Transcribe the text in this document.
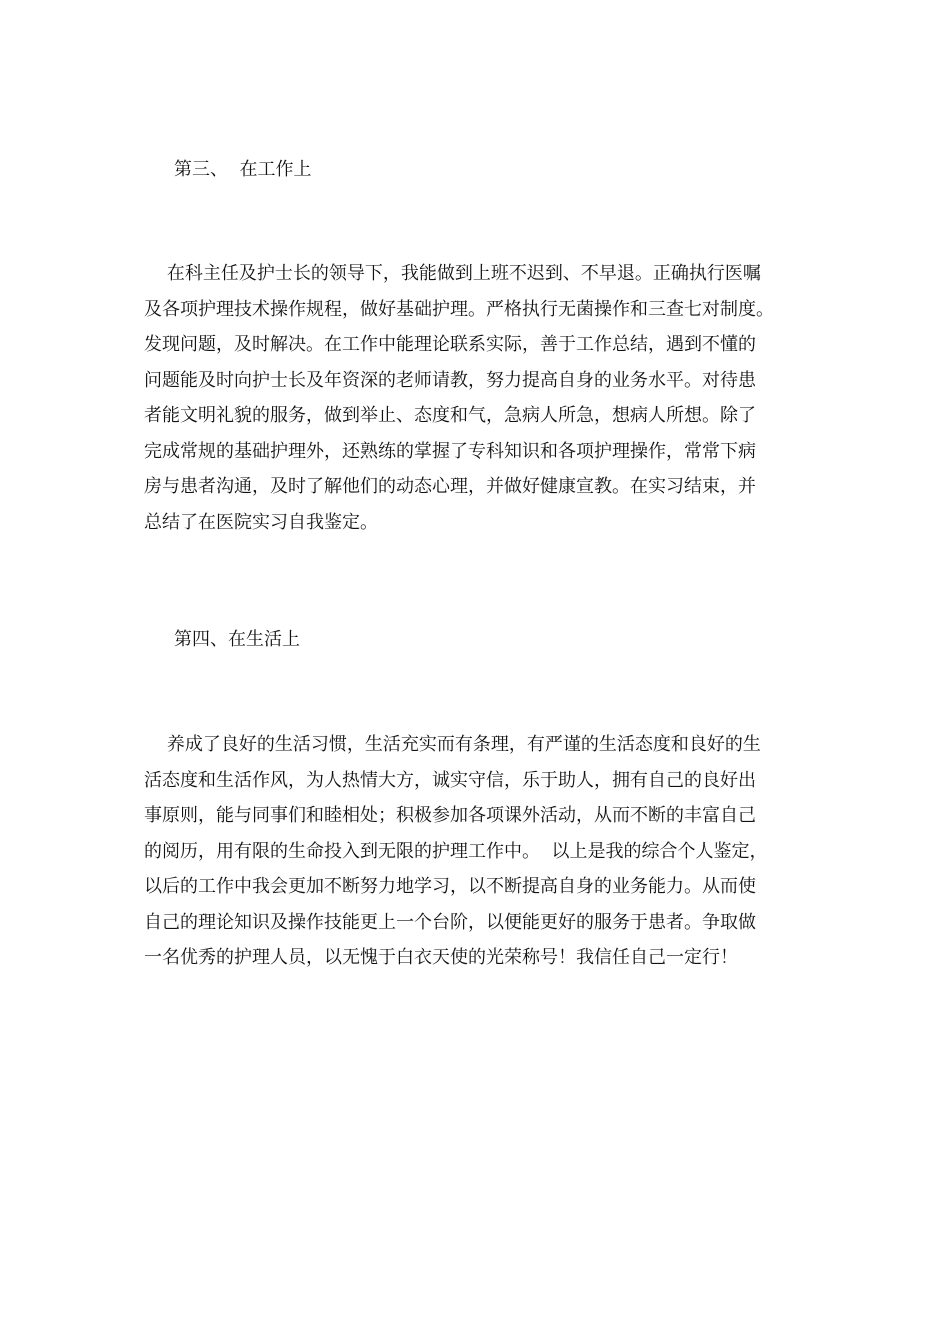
第三、  在工作上
在科主任及护士长的领导下，我能做到上班不迟到、不早退。正确执行医嘱
及各项护理技术操作规程，做好基础护理。严格执行无菌操作和三查七对制度。
发现问题，及时解决。在工作中能理论联系实际，善于工作总结，遇到不懂的
问题能及时向护士长及年资深的老师请教，努力提高自身的业务水平。对待患
者能文明礼貌的服务，做到举止、态度和气，急病人所急，想病人所想。除了
完成常规的基础护理外，还熟练的掌握了专科知识和各项护理操作，常常下病
房与患者沟通，及时了解他们的动态心理，并做好健康宣教。在实习结束，并
总结了在医院实习自我鉴定。
第四、在生活上
养成了良好的生活习惯，生活充实而有条理，有严谨的生活态度和良好的生
活态度和生活作风，为人热情大方，诚实守信，乐于助人，拥有自己的良好出
事原则，能与同事们和睦相处；积极参加各项课外活动，从而不断的丰富自己
的阅历，用有限的生命投入到无限的护理工作中。  以上是我的综合个人鉴定，
以后的工作中我会更加不断努力地学习，以不断提高自身的业务能力。从而使
自己的理论知识及操作技能更上一个台阶，以便能更好的服务于患者。争取做
一名优秀的护理人员，以无愧于白衣天使的光荣称号！我信任自己一定行！
